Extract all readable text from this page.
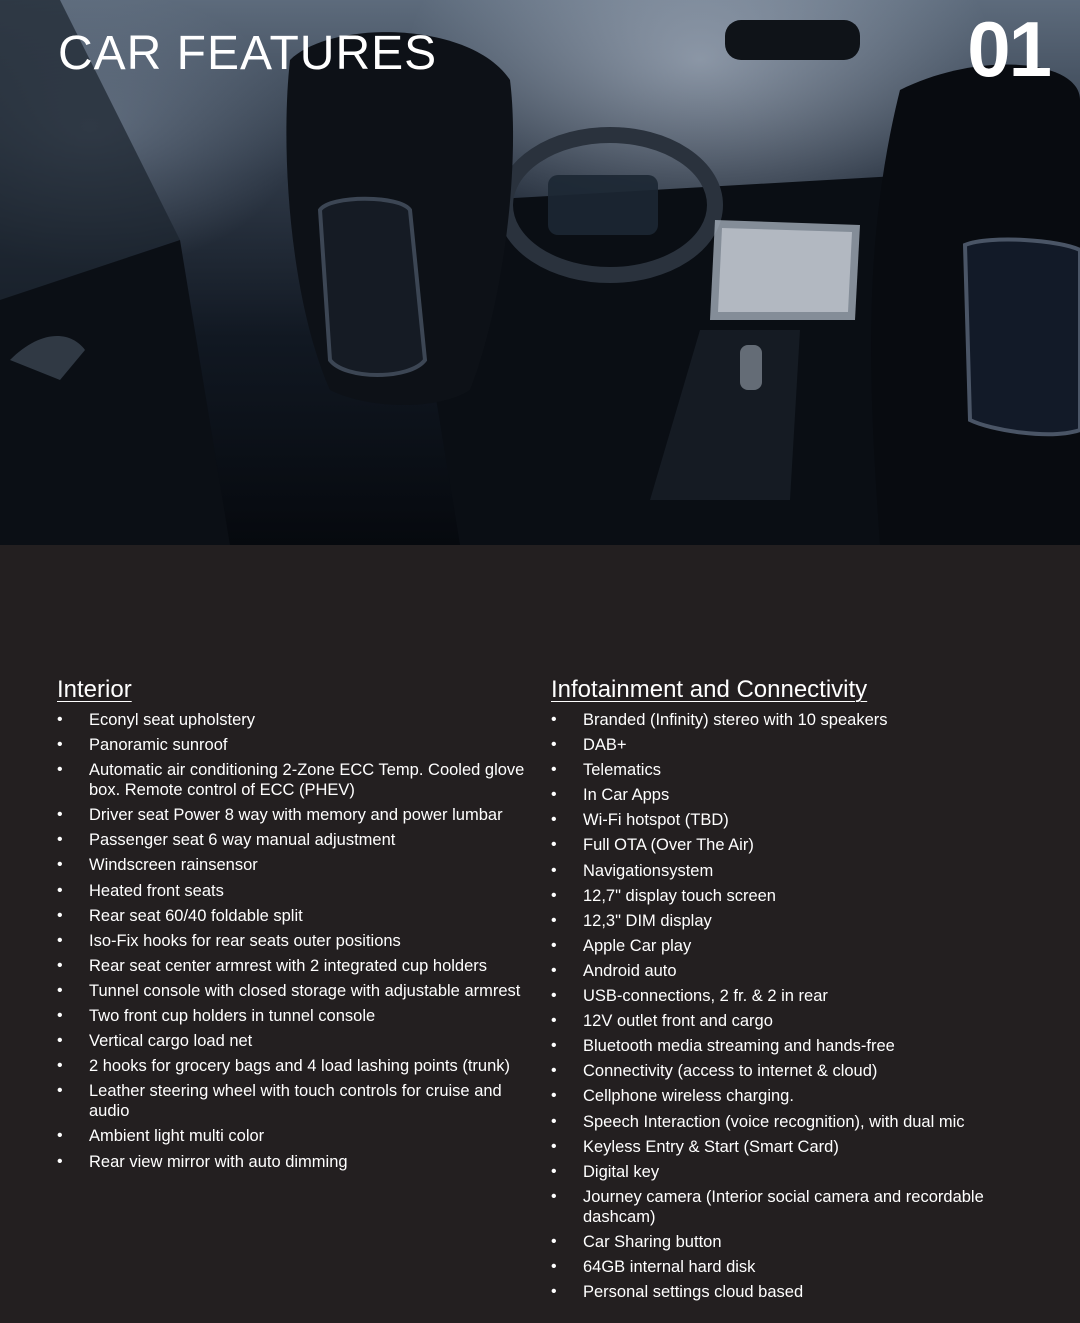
CAR FEATURES	01
Interior
• Econyl seat upholstery
• Panoramic sunroof
• Automatic air conditioning 2-Zone ECC Temp. Cooled glove box. Remote control of ECC (PHEV)
• Driver seat Power 8 way with memory and power lumbar
• Passenger seat 6 way manual adjustment
• Windscreen rainsensor
• Heated front seats
• Rear seat 60/40 foldable split
• Iso-Fix hooks for rear seats outer positions
• Rear seat center armrest with 2 integrated cup holders
• Tunnel console with closed storage with adjustable armrest
• Two front cup holders in tunnel console
• Vertical cargo load net
• 2 hooks for grocery bags and 4 load lashing points (trunk)
• Leather steering wheel with touch controls for cruise and audio
• Ambient light multi color
• Rear view mirror with auto dimming
Infotainment and Connectivity
• Branded (Infinity) stereo with 10 speakers
• DAB+
• Telematics
• In Car Apps
• Wi-Fi hotspot (TBD)
• Full OTA (Over The Air)
• Navigationsystem
• 12,7" display touch screen
• 12,3" DIM display
• Apple Car play
• Android auto
• USB-connections, 2 fr. & 2 in rear
• 12V outlet front and cargo
• Bluetooth media streaming and hands-free
• Connectivity (access to internet & cloud)
• Cellphone wireless charging.
• Speech Interaction (voice recognition), with dual mic
• Keyless Entry & Start (Smart Card)
• Digital key
• Journey camera (Interior social camera and recordable dashcam)
• Car Sharing button
• 64GB internal hard disk
• Personal settings cloud based
